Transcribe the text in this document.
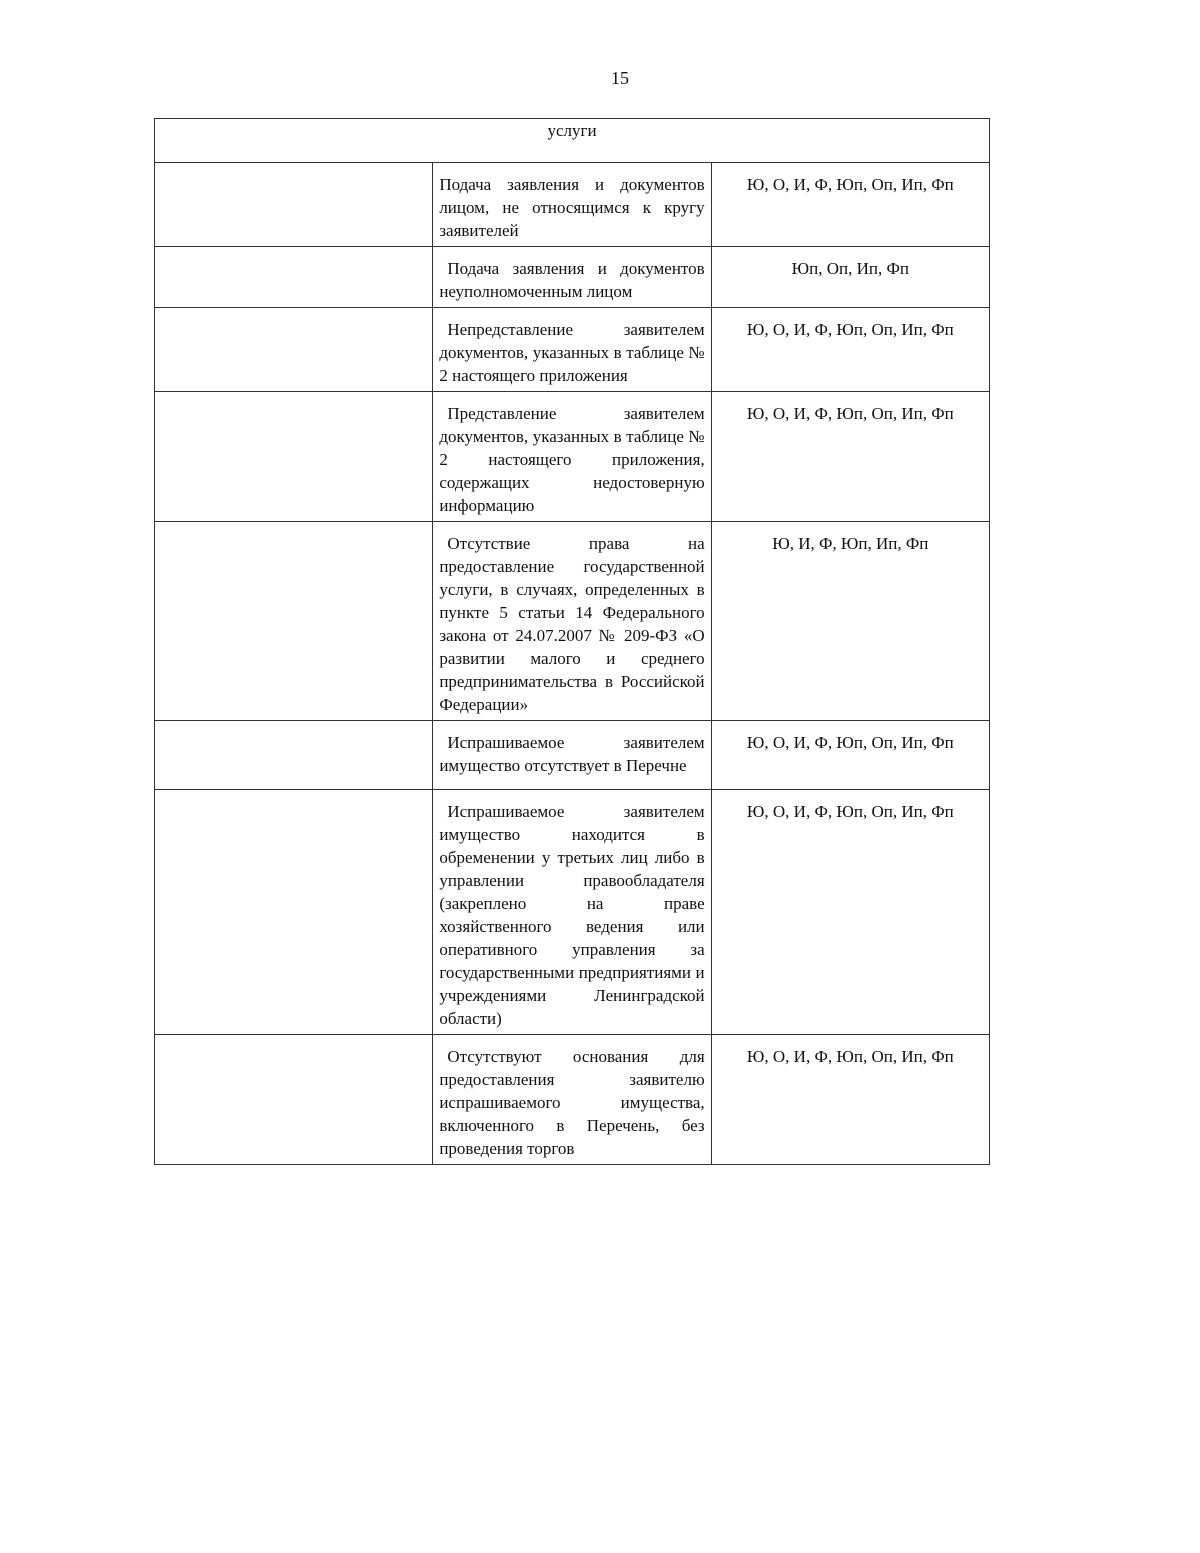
15
услуги		
	Подача заявления и документов лицом, не относящимся к кругу заявителей	Ю, О, И, Ф, Юп, Оп, Ип, Фп
	Подача заявления и документов неуполномоченным лицом	Юп, Оп, Ип, Фп
	Непредставление заявителем документов, указанных в таблице № 2 настоящего приложения	Ю, О, И, Ф, Юп, Оп, Ип, Фп
	Представление заявителем документов, указанных в таблице № 2 настоящего приложения, содержащих недостоверную информацию	Ю, О, И, Ф, Юп, Оп, Ип, Фп
	Отсутствие права на предоставление государственной услуги, в случаях, определенных в пункте 5 статьи 14 Федерального закона от 24.07.2007 № 209-ФЗ «О развитии малого и среднего предпринимательства в Российской Федерации»	Ю, И, Ф, Юп, Ип, Фп
	Испрашиваемое заявителем имущество отсутствует в Перечне	Ю, О, И, Ф, Юп, Оп, Ип, Фп
	Испрашиваемое заявителем имущество находится в обременении у третьих лиц либо в управлении правообладателя (закреплено на праве хозяйственного ведения или оперативного управления за государственными предприятиями и учреждениями Ленинградской области)	Ю, О, И, Ф, Юп, Оп, Ип, Фп
	Отсутствуют основания для предоставления заявителю испрашиваемого имущества, включенного в Перечень, без проведения торгов	Ю, О, И, Ф, Юп, Оп, Ип, Фп
